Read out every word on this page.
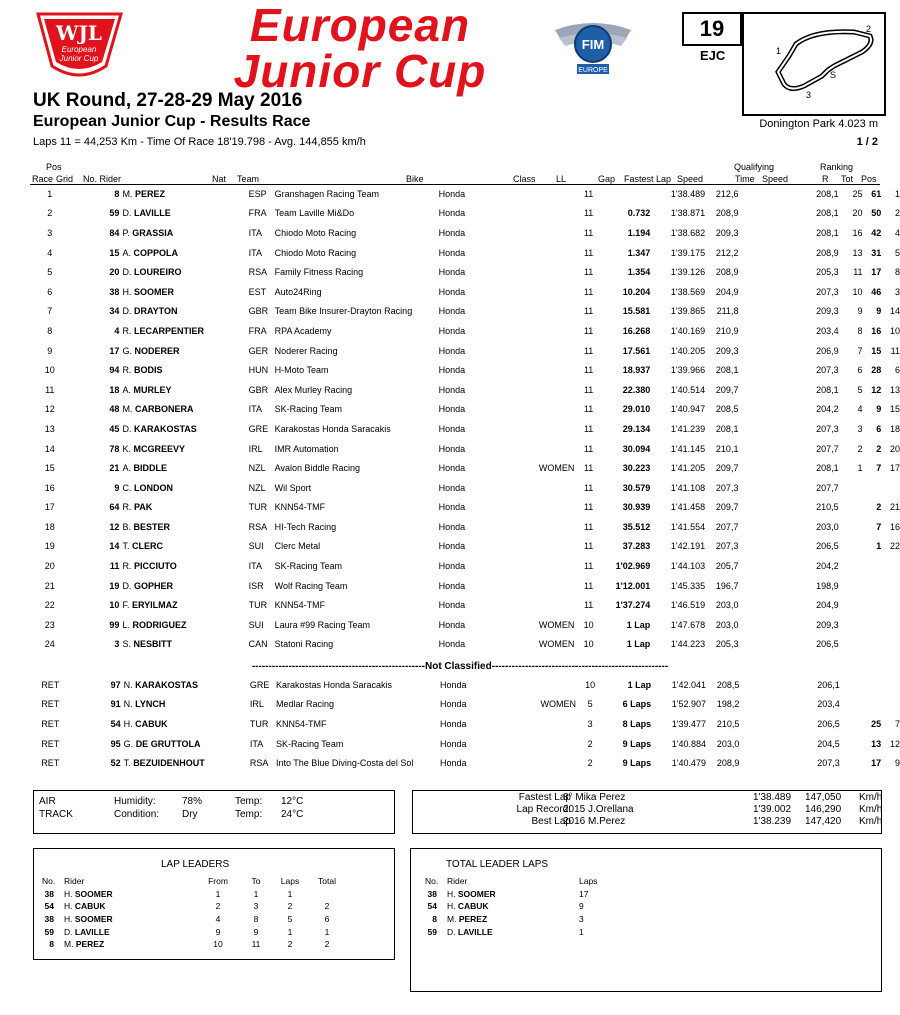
WJL
European
Junior Cup
European
Junior Cup
FIM
EUROPE
19
EJC	1
2
3
S
UK Round, 27-28-29 May 2016
European Junior Cup - Results Race	Donington Park 4.023 m
Laps 11 = 44,253 Km - Time Of Race 18'19.798 - Avg. 144,855 km/h	1 / 2
Pos
Race Grid No. Rider	Nat Team	Bike	Class LL	Gap Fastest Lap Speed
Qualifying
Time Speed
Ranking
R Tot Pos
1		8	M. PEREZ	ESP	Granshagen Racing Team	Honda		11		1'38.489	212,6		208,1	25	61	1
2		59	D. LAVILLE	FRA	Team Laville Mi&Do	Honda		11	0.732	1'38.871	208,9		208,1	20	50	2
3		84	P. GRASSIA	ITA	Chiodo Moto Racing	Honda		11	1.194	1'38.682	209,3		208,1	16	42	4
4		15	A. COPPOLA	ITA	Chiodo Moto Racing	Honda		11	1.347	1'39.175	212,2		208,9	13	31	5
5		20	D. LOUREIRO	RSA	Family Fitness Racing	Honda		11	1.354	1'39.126	208,9		205,3	11	17	8
6		38	H. SOOMER	EST	Auto24Ring	Honda		11	10.204	1'38.569	204,9		207,3	10	46	3
7		34	D. DRAYTON	GBR	Team Bike Insurer-Drayton Racing	Honda		11	15.581	1'39.865	211,8		209,3	9	9	14
8		4	R. LECARPENTIER	FRA	RPA Academy	Honda		11	16.268	1'40.169	210,9		203,4	8	16	10
9		17	G. NODERER	GER	Noderer Racing	Honda		11	17.561	1'40.205	209,3		206,9	7	15	11
10		94	R. BODIS	HUN	H-Moto Team	Honda		11	18.937	1'39.966	208,1		207,3	6	28	6
11		18	A. MURLEY	GBR	Alex Murley Racing	Honda		11	22.380	1'40.514	209,7		208,1	5	12	13
12		48	M. CARBONERA	ITA	SK-Racing Team	Honda		11	29.010	1'40.947	208,5		204,2	4	9	15
13		45	D. KARAKOSTAS	GRE	Karakostas Honda Saracakis	Honda		11	29.134	1'41.239	208,1		207,3	3	6	18
14		78	K. MCGREEVY	IRL	IMR Automation	Honda		11	30.094	1'41.145	210,1		207,7	2	2	20
15		21	A. BIDDLE	NZL	Avalon Biddle Racing	Honda	WOMEN	11	30.223	1'41.205	209,7		208,1	1	7	17
16		9	C. LONDON	NZL	Wil Sport	Honda		11	30.579	1'41.108	207,3		207,7			
17		64	R. PAK	TUR	KNN54-TMF	Honda		11	30.939	1'41.458	209,7		210,5		2	21
18		12	B. BESTER	RSA	HI-Tech Racing	Honda		11	35.512	1'41.554	207,7		203,0		7	16
19		14	T. CLERC	SUI	Clerc Metal	Honda		11	37.283	1'42.191	207,3		206,5		1	22
20		11	R. PICCIUTO	ITA	SK-Racing Team	Honda		11	1'02.969	1'44.103	205,7		204,2			
21		19	D. GOPHER	ISR	Wolf Racing Team	Honda		11	1'12.001	1'45.335	196,7		198,9			
22		10	F. ERYILMAZ	TUR	KNN54-TMF	Honda		11	1'37.274	1'46.519	203,0		204,9			
23		99	L. RODRIGUEZ	SUI	Laura #99 Racing Team	Honda	WOMEN	10	1 Lap	1'47.678	203,0		209,3			
24		3	S. NESBITT	CAN	Statoni Racing	Honda	WOMEN	10	1 Lap	1'44.223	205,3		206,5			
----------------------------------------------------Not Classified-----------------------------------------------------
RET		97	N. KARAKOSTAS	GRE	Karakostas Honda Saracakis	Honda		10	1 Lap	1'42.041	208,5		206,1			
RET		91	N. LYNCH	IRL	Medlar Racing	Honda	WOMEN	5	6 Laps	1'52.907	198,2		203,4			
RET		54	H. CABUK	TUR	KNN54-TMF	Honda		3	8 Laps	1'39.477	210,5		206,5		25	7
RET		95	G. DE GRUTTOLA	ITA	SK-Racing Team	Honda		2	9 Laps	1'40.884	203,0		204,5		13	12
RET		52	T. BEZUIDENHOUT	RSA	Into The Blue Diving-Costa del Sol	Honda		2	9 Laps	1'40.479	208,9		207,3		17	9
AIR
TRACK
Humidity:	78%
Condition: Dry
Temp: 12°C
Temp: 24°C
Fastest Lap
8° Mika Perez	1'38.489 147,050 Km/h
Lap Record:
2015 J.Orellana	1'39.002 146,290 Km/h
Best Lap
2016 M.Perez	1'38.239 147,420 Km/h
LAP LEADERS
No.	Rider	From	To	Laps	Total
38	H. SOOMER	1	1	1	
54	H. CABUK	2	3	2	2
38	H. SOOMER	4	8	5	6
59	D. LAVILLE	9	9	1	1
8	M. PEREZ	10	11	2	2
TOTAL LEADER LAPS
No.	Rider	Laps
38	H. SOOMER	17
54	H. CABUK	9
8	M. PEREZ	3
59	D. LAVILLE	1
